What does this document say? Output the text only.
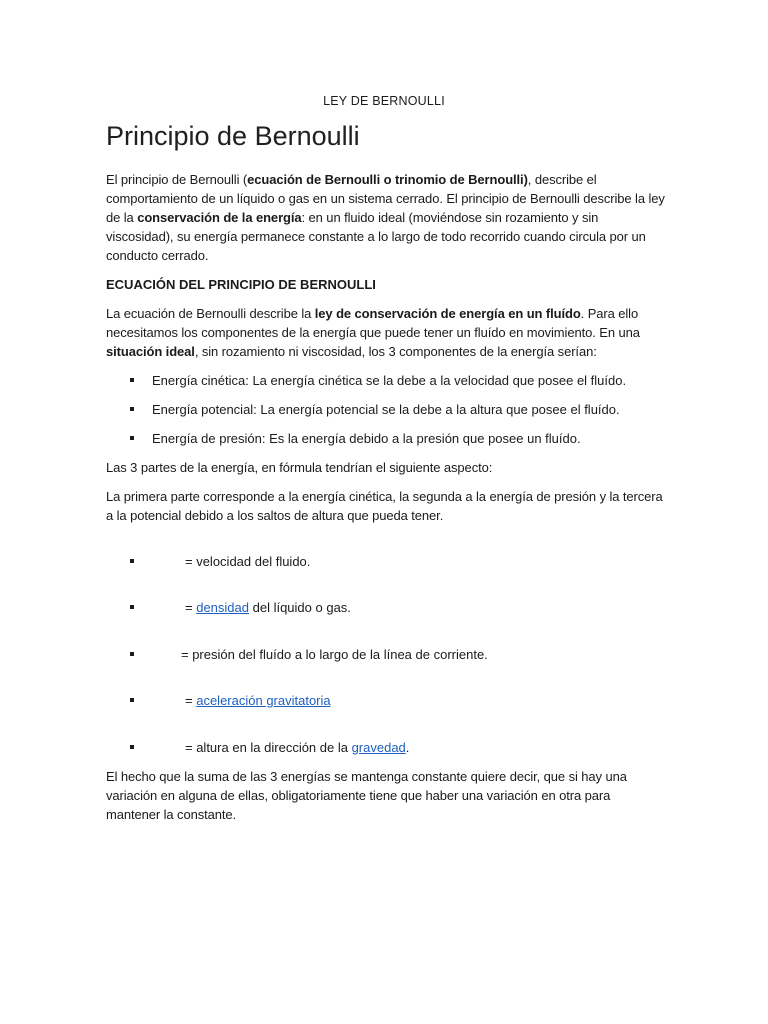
LEY DE BERNOULLI
Principio de Bernoulli

El principio de Bernoulli (ecuación de Bernoulli o trinomio de Bernoulli), describe el comportamiento de un líquido o gas en un sistema cerrado. El principio de Bernoulli describe la ley de la conservación de la energía: en un fluido ideal (moviéndose sin rozamiento y sin viscosidad), su energía permanece constante a lo largo de todo recorrido cuando circula por un conducto cerrado.

ECUACIÓN DEL PRINCIPIO DE BERNOULLI

La ecuación de Bernoulli describe la ley de conservación de energía en un fluído. Para ello necesitamos los componentes de la energía que puede tener un fluído en movimiento. En una situación ideal, sin rozamiento ni viscosidad, los 3 componentes de la energía serían:

Energía cinética: La energía cinética se la debe a la velocidad que posee el fluído.
Energía potencial: La energía potencial se la debe a la altura que posee el fluído.
Energía de presión: Es la energía debido a la presión que posee un fluído.

Las 3 partes de la energía, en fórmula tendrían el siguiente aspecto:

La primera parte corresponde a la energía cinética, la segunda a la energía de presión y la tercera a la potencial debido a los saltos de altura que pueda tener.

= velocidad del fluido.
= densidad del líquido o gas.
= presión del fluído a lo largo de la línea de corriente.
= aceleración gravitatoria
= altura en la dirección de la gravedad.

El hecho que la suma de las 3 energías se mantenga constante quiere decir, que si hay una variación en alguna de ellas, obligatoriamente tiene que haber una variación en otra para mantener la constante.
